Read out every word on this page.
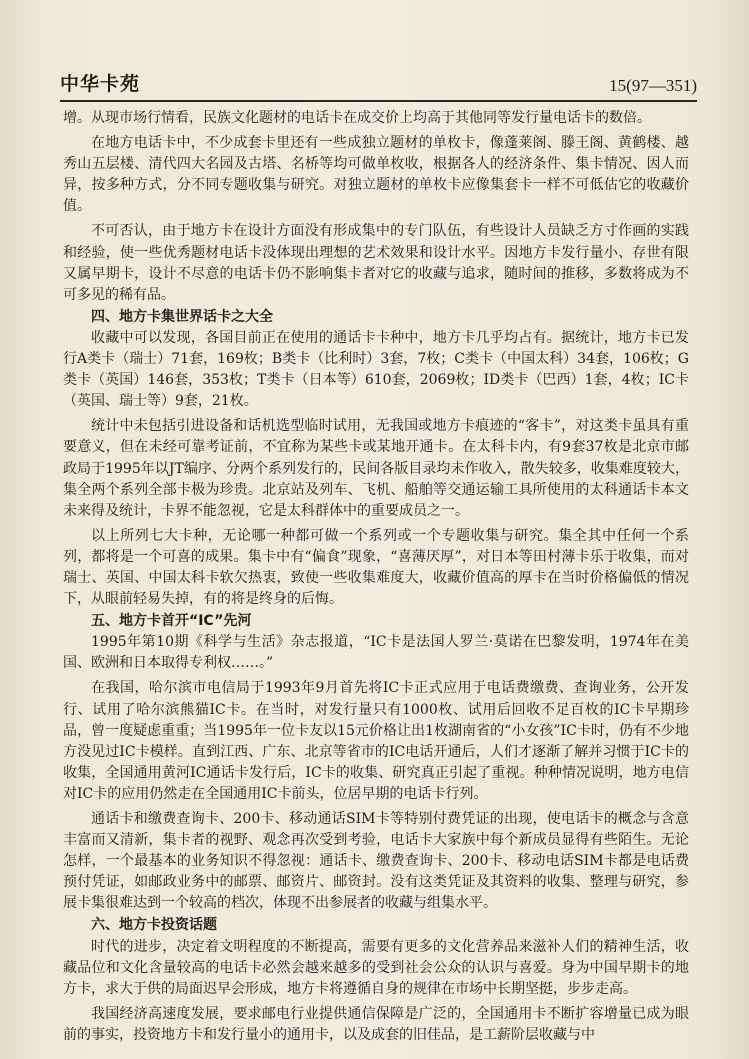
中华卡苑	15(97—351)

增。从现市场行情看，民族文化题材的电话卡在成交价上均高于其他同等发行量电话卡的数倍。

在地方电话卡中，不少成套卡里还有一些成独立题材的单枚卡，像蓬莱阁、滕王阁、黄鹤楼、越秀山五层楼、清代四大名园及古塔、名桥等均可做单枚收，根据各人的经济条件、集卡情况、因人而异，按多种方式，分不同专题收集与研究。对独立题材的单枚卡应像集套卡一样不可低估它的收藏价值。

不可否认，由于地方卡在设计方面没有形成集中的专门队伍，有些设计人员缺乏方寸作画的实践和经验，使一些优秀题材电话卡没体现出理想的艺术效果和设计水平。因地方卡发行量小、存世有限又属早期卡，设计不尽意的电话卡仍不影响集卡者对它的收藏与追求，随时间的推移，多数将成为不可多见的稀有品。

四、地方卡集世界话卡之大全

收藏中可以发现，各国目前正在使用的通话卡卡种中，地方卡几乎均占有。据统计，地方卡已发行A类卡（瑞士）71套，169枚；B类卡（比利时）3套，7枚；C类卡（中国太科）34套，106枚；G类卡（英国）146套，353枚；T类卡（日本等）610套，2069枚；ID类卡（巴西）1套，4枚；IC卡（英国、瑞士等）9套，21枚。

统计中未包括引进设备和话机选型临时试用，无我国或地方卡痕迹的“客卡”，对这类卡虽具有重要意义，但在未经可靠考证前，不宜称为某些卡或某地开通卡。在太科卡内，有9套37枚是北京市邮政局于1995年以JT编序、分两个系列发行的，民间各版目录均未作收入，散失较多，收集难度较大，集全两个系列全部卡极为珍贵。北京站及列车、飞机、船舶等交通运输工具所使用的太科通话卡本文未来得及统计，卡界不能忽视，它是太科群体中的重要成员之一。

以上所列七大卡种，无论哪一种都可做一个系列或一个专题收集与研究。集全其中任何一个系列，都将是一个可喜的成果。集卡中有“偏食”现象，“喜薄厌厚”，对日本等田村薄卡乐于收集，而对瑞士、英国、中国太科卡软欠热衷，致使一些收集难度大，收藏价值高的厚卡在当时价格偏低的情况下，从眼前轻易失掉，有的将是终身的后悔。

五、地方卡首开“IC”先河

1995年第10期《科学与生活》杂志报道，“IC卡是法国人罗兰·莫诺在巴黎发明，1974年在美国、欧洲和日本取得专利权……。”

在我国，哈尔滨市电信局于1993年9月首先将IC卡正式应用于电话费缴费、查询业务，公开发行、试用了哈尔滨熊猫IC卡。在当时，对发行量只有1000枚、试用后回收不足百枚的IC卡早期珍品，曾一度疑虑重重；当1995年一位卡友以15元价格让出1枚湖南省的“小女孩”IC卡时，仍有不少地方没见过IC卡模样。直到江西、广东、北京等省市的IC电话开通后，人们才逐渐了解并习惯于IC卡的收集，全国通用黄河IC通话卡发行后，IC卡的收集、研究真正引起了重视。种种情况说明，地方电信对IC卡的应用仍然走在全国通用IC卡前头，位居早期的电话卡行列。

通话卡和缴费查询卡、200卡、移动通话SIM卡等特别付费凭证的出现，使电话卡的概念与含意丰富而又清新，集卡者的视野、观念再次受到考验，电话卡大家族中每个新成员显得有些陌生。无论怎样，一个最基本的业务知识不得忽视：通话卡、缴费查询卡、200卡、移动电话SIM卡都是电话费预付凭证，如邮政业务中的邮票、邮资片、邮资封。没有这类凭证及其资料的收集、整理与研究，参展卡集很难达到一个较高的档次，体现不出参展者的收藏与组集水平。

六、地方卡投资话题

时代的进步，决定着文明程度的不断提高，需要有更多的文化营养品来滋补人们的精神生活，收藏品位和文化含量较高的电话卡必然会越来越多的受到社会公众的认识与喜爱。身为中国早期卡的地方卡，求大于供的局面迟早会形成，地方卡将遵循自身的规律在市场中长期坚挺，步步走高。

我国经济高速度发展，要求邮电行业提供通信保障是广泛的，全国通用卡不断扩容增量已成为眼前的事实，投资地方卡和发行量小的通用卡，以及成套的旧佳品，是工薪阶层收藏与中
